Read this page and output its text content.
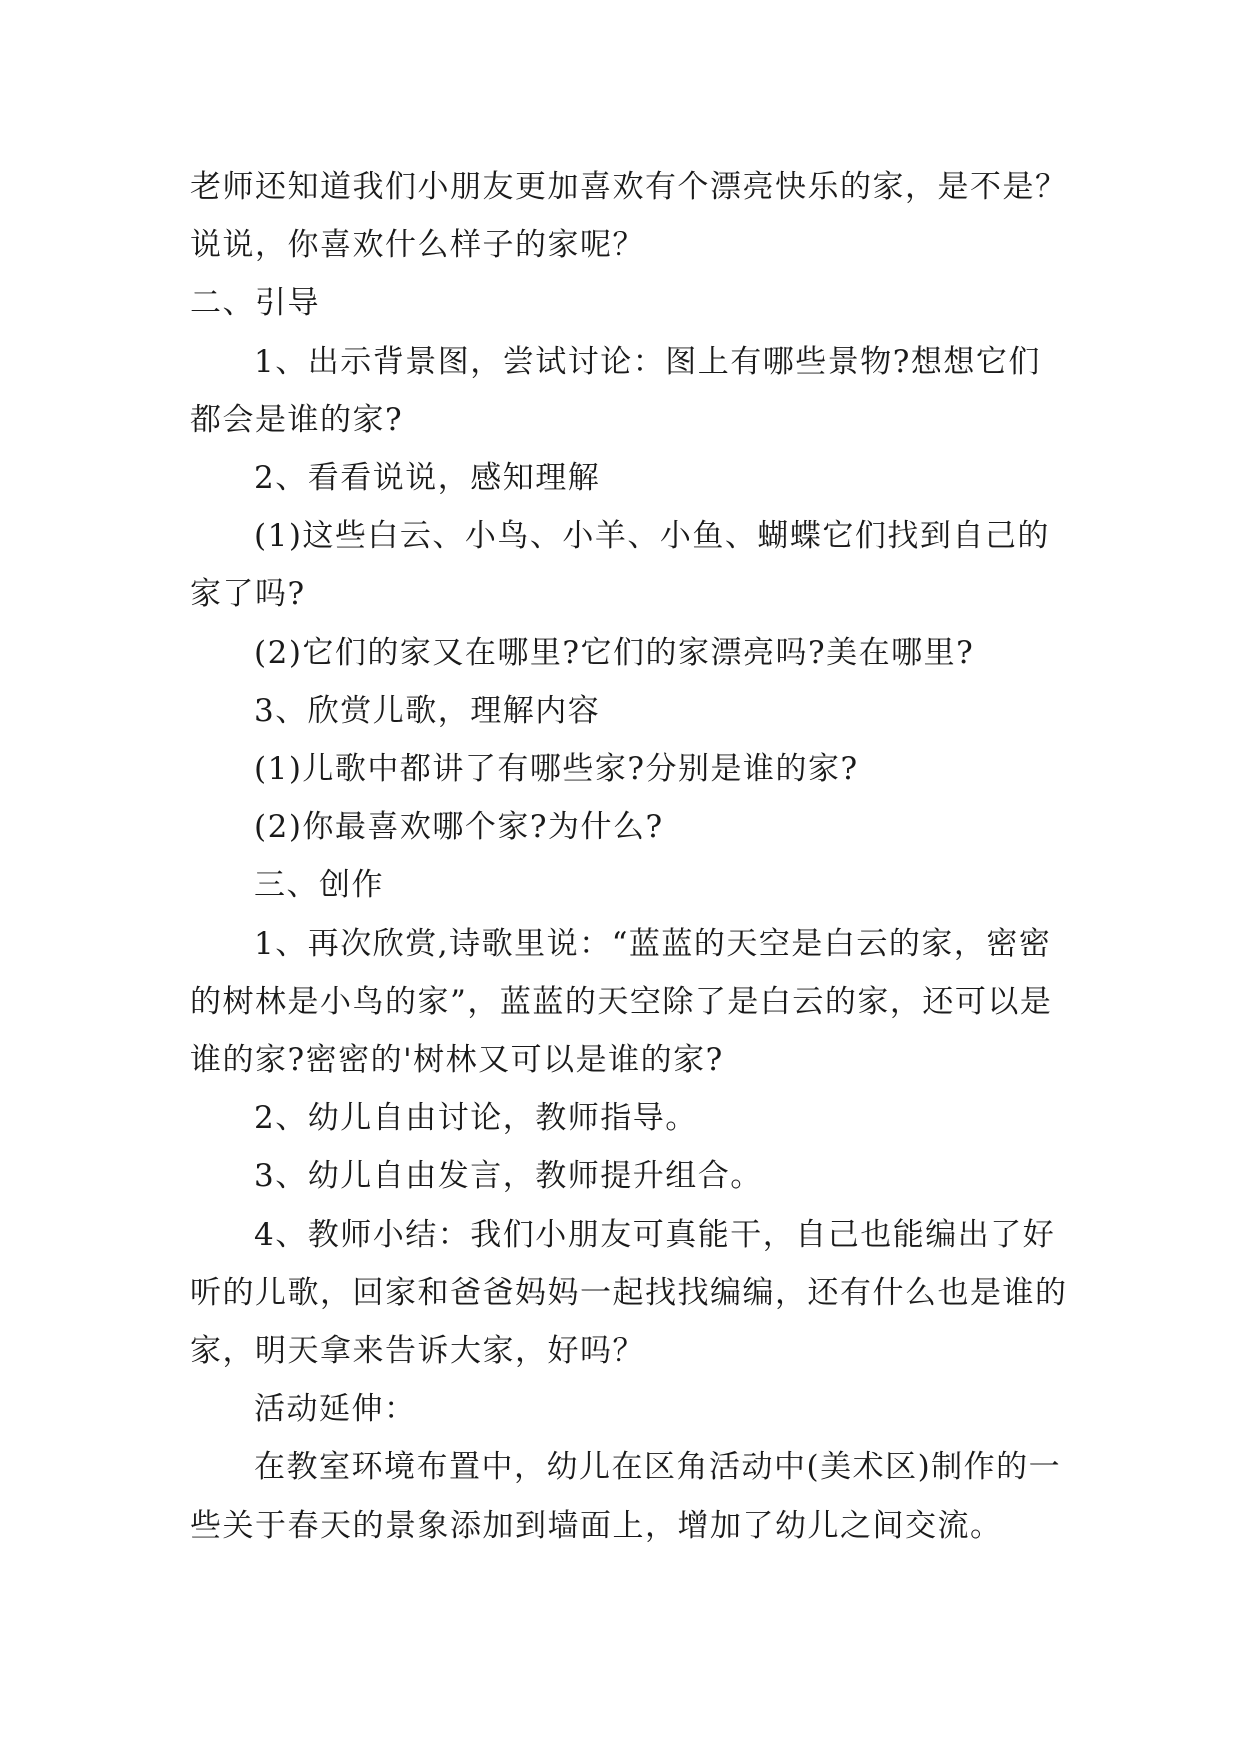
老师还知道我们小朋友更加喜欢有个漂亮快乐的家，是不是？说说，你喜欢什么样子的家呢？

二、引导

1、出示背景图，尝试讨论：图上有哪些景物?想想它们都会是谁的家?

2、看看说说，感知理解

(1)这些白云、小鸟、小羊、小鱼、蝴蝶它们找到自己的家了吗?

(2)它们的家又在哪里?它们的家漂亮吗?美在哪里?

3、欣赏儿歌，理解内容

(1)儿歌中都讲了有哪些家?分别是谁的家?

(2)你最喜欢哪个家?为什么?

三、创作

1、再次欣赏,诗歌里说：“蓝蓝的天空是白云的家，密密的树林是小鸟的家”，蓝蓝的天空除了是白云的家，还可以是谁的家?密密的'树林又可以是谁的家?

2、幼儿自由讨论，教师指导。

3、幼儿自由发言，教师提升组合。

4、教师小结：我们小朋友可真能干，自己也能编出了好听的儿歌，回家和爸爸妈妈一起找找编编，还有什么也是谁的家，明天拿来告诉大家，好吗？

活动延伸：

在教室环境布置中，幼儿在区角活动中(美术区)制作的一些关于春天的景象添加到墙面上，增加了幼儿之间交流。
